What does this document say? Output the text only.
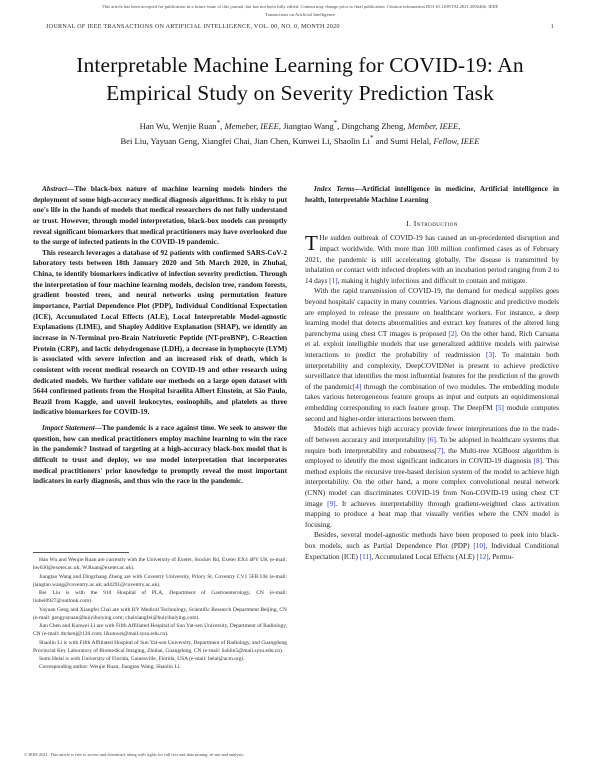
This article has been accepted for publication in a future issue of this journal, but has not been fully edited. Content may change prior to final publication. Citation information DOI 10.1109/TAI.2021.3092466, IEEE
Transactions on Artificial Intelligence
JOURNAL OF IEEE TRANSACTIONS ON ARTIFICIAL INTELLIGENCE, VOL. 00, NO. 0, MONTH 2020	1
Interpretable Machine Learning for COVID-19: An Empirical Study on Severity Prediction Task
Han Wu, Wenjie Ruan*, Memeber, IEEE, Jiangtao Wang*, Dingchang Zheng, Member, IEEE,
Bei Liu, Yayuan Geng, Xiangfei Chai, Jian Chen, Kunwei Li, Shaolin Li* and Sumi Helal, Fellow, IEEE

Abstract—The black-box nature of machine learning models hinders the deployment of some high-accuracy medical diagnosis algorithms. It is risky to put one's life in the hands of models that medical researchers do not fully understand or trust. However, through model interpretation, black-box models can promptly reveal significant biomarkers that medical practitioners may have overlooked due to the surge of infected patients in the COVID-19 pandemic.

This research leverages a database of 92 patients with confirmed SARS-CoV-2 laboratory tests between 18th January 2020 and 5th March 2020, in Zhuhai, China, to identify biomarkers indicative of infection severity prediction. Through the interpretation of four machine learning models, decision tree, random forests, gradient boosted trees, and neural networks using permutation feature importance, Partial Dependence Plot (PDP), Individual Conditional Expectation (ICE), Accumulated Local Effects (ALE), Local Interpretable Model-agnostic Explanations (LIME), and Shapley Additive Explanation (SHAP), we identify an increase in N-Terminal pro-Brain Natriuretic Peptide (NT-proBNP), C-Reaction Protein (CRP), and lactic dehydrogenase (LDH), a decrease in lymphocyte (LYM) is associated with severe infection and an increased risk of death, which is consistent with recent medical research on COVID-19 and other research using dedicated models. We further validate our methods on a large open dataset with 5644 confirmed patients from the Hospital Israelita Albert Einstein, at São Paulo, Brazil from Kaggle, and unveil leukocytes, eosinophils, and platelets as three indicative biomarkers for COVID-19.

Impact Statement—The pandemic is a race against time. We seek to answer the question, how can medical practitioners employ machine learning to win the race in the pandemic? Instead of targeting at a high-accuracy black-box model that is difficult to trust and deploy, we use model interpretation that incorporates medical practitioners' prior knowledge to promptly reveal the most important indicators in early diagnosis, and thus win the race in the pandemic.

Han Wu and Wenjie Ruan are currently with the University of Exeter, Stocker Rd, Exeter EX4 4PY UK (e-mail: hw630@exeter.ac.uk; W.Ruan@exeter.ac.uk).

Jiangtao Wang and Dingchang Zheng are with Coventry University, Priory St, Coventry CV1 5FB UK (e-mail: jiangtao.wang@coventry.ac.uk; ad4291@coventry.ac.uk).

Bei Liu is with the 910 Hospital of PLA, Department of Gastroenterology, CN (e-mail: liubei0927@outlook.com).

Yayuan Geng and Xiangfei Chai are with HY Medical Technology, Scientific Research Department Beijing, CN (e-mail: gengyayuan@huiyihuiying.com; chaixiangfei@huiyihuiying.com).

Jian Chen and Kunwei Li are with Fifth Affiliated Hospital of Sun Yat-sen University, Department of Radiology, CN (e-mail: dtchenj@126.com; likunwei@mail.sysu.edu.cn).

Shaolin Li is with Fifth Affiliated Hospital of Sun Yat-sen University, Department of Radiology, and Guangdong Provincial Key Laboratory of Biomedical Imaging, Zhuhai, Guangdong, CN (e-mail: lishlin5@mail.sysu.edu.cn).

Sumi Helal is with University of Florida, Gainesville, Florida, USA (e-mail: helal@acm.org).

Corresponding author: Wenjie Ruan, Jiangtao Wang, Shaolin Li.

Index Terms—Artificial intelligence in medicine, Artificial intelligence in health, Interpretable Machine Learning

I. Introduction

T He sudden outbreak of COVID-19 has caused an un-precedented disruption and impact worldwide. With more than 100 million confirmed cases as of February 2021, the pandemic is still accelerating globally. The disease is transmitted by inhalation or contact with infected droplets with an incubation period ranging from 2 to 14 days [1], making it highly infectious and difficult to contain and mitigate.

With the rapid transmission of COVID-19, the demand for medical supplies goes beyond hospitals' capacity in many countries. Various diagnostic and predictive models are employed to release the pressure on healthcare workers. For instance, a deep learning model that detects abnormalities and extract key features of the altered lung parenchyma using chest CT images is proposed [2]. On the other hand, Rich Caruana et al. exploit intelligible models that use generalized additive models with pairwise interactions to predict the probability of readmission [3]. To maintain both interpretability and complexity, DeepCOVIDNet is present to achieve predictive surveillance that identifies the most influential features for the prediction of the growth of the pandemic[4] through the combination of two modules. The embedding module takes various heterogeneous feature groups as input and outputs an equidimensional embedding corresponding to each feature group. The DeepFM [5] module computes second and higher-order interactions between them.

Models that achieves high accuracy provide fewer interpretations due to the trade-off between accuracy and interpretability [6]. To be adopted in healthcare systems that require both interpretability and robustness[7], the Multi-tree XGBoost algorithm is employed to identify the most significant indicators in COVID-19 diagnosis [8]. This method exploits the recursive tree-based decision system of the model to achieve high interpretability. On the other hand, a more complex convolutional neural network (CNN) model can discriminates COVID-19 from Non-COVID-19 using chest CT image [9]. It achieves interpretability through gradient-weighted class activation mapping to produce a heat map that visually verifies where the CNN model is focusing.

Besides, several model-agnostic methods have been proposed to peek into black-box models, such as Partial Dependence Plot (PDP) [10], Individual Conditional Expectation (ICE) [11], Accumulated Local Effects (ALE) [12], Permu-

© IEEE 2021. This article is free to access and download, along with rights for full text and data mining, re-use and analysis.
